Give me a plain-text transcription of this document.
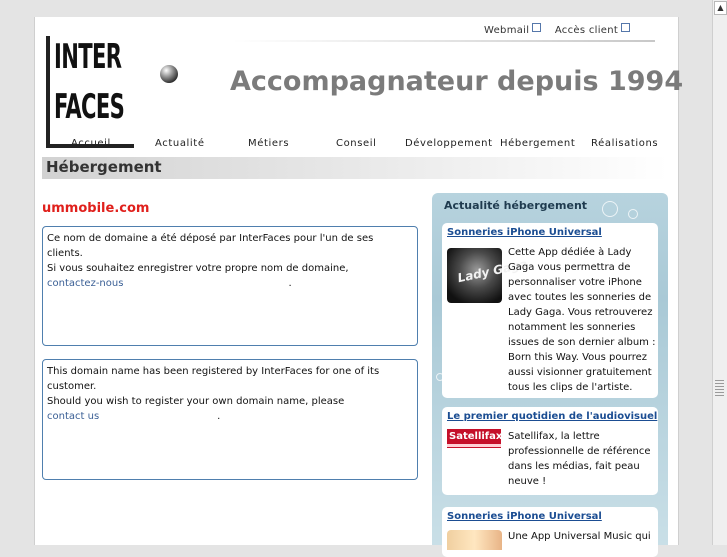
▲
Webmail	Accès client
INTER
FACES
Accompagnateur depuis 1994
Accueil	Actualité	Métiers	Conseil	Développement Hébergement Réalisations
Hébergement
ummobile.com
Ce nom de domaine a été déposé par InterFaces pour l'un de ses clients.
Si vous souhaitez enregistrer votre propre nom de domaine,
contactez-nous	.
This domain name has been registered by InterFaces for one of its customer.
Should you wish to register your own domain name, please
contact us	.
Actualité hébergement
Sonneries iPhone Universal
Lady Gaga
Cette App dédiée à Lady Gaga vous permettra de personnaliser votre iPhone avec toutes les sonneries de Lady Gaga. Vous retrouverez notamment les sonneries issues de son dernier album : Born this Way. Vous pourrez aussi visionner gratuitement tous les clips de l'artiste.
Le premier quotidien de l'audiovisuel
Satellifax Satellifax, la lettre professionnelle de référence dans les médias, fait peau neuve !
Sonneries iPhone Universal
Une App Universal Music qui
